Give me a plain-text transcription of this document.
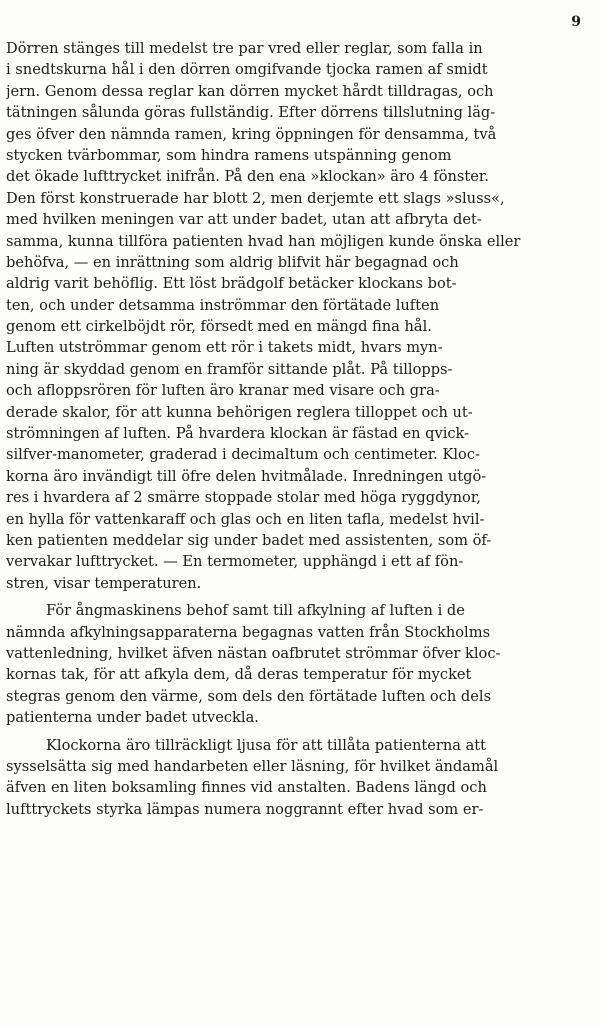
9
Dörren stänges till medelst tre par vred eller reglar, som falla in
i snedtskurna hål i den dörren omgifvande tjocka ramen af smidt
jern. Genom dessa reglar kan dörren mycket hårdt tilldragas, och
tätningen sålunda göras fullständig. Efter dörrens tillslutning läg-
ges öfver den nämnda ramen, kring öppningen för densamma, två
stycken tvärbommar, som hindra ramens utspänning genom
det ökade lufttrycket inifrån. På den ena »klockan» äro 4 fönster.
Den först konstruerade har blott 2, men derjemte ett slags »sluss«,
med hvilken meningen var att under badet, utan att afbryta det-
samma, kunna tillföra patienten hvad han möjligen kunde önska eller
behöfva, — en inrättning som aldrig blifvit här begagnad och
aldrig varit behöflig. Ett löst brädgolf betäcker klockans bot-
ten, och under detsamma inströmmar den förtätade luften
genom ett cirkelböjdt rör, försedt med en mängd fina hål.
Luften utströmmar genom ett rör i takets midt, hvars myn-
ning är skyddad genom en framför sittande plåt. På tillopps-
och afloppsrören för luften äro kranar med visare och gra-
derade skalor, för att kunna behörigen reglera tilloppet och ut-
strömningen af luften. På hvardera klockan är fästad en qvick-
silfver-manometer, graderad i decimaltum och centimeter. Kloc-
korna äro invändigt till öfre delen hvitmålade. Inredningen utgö-
res i hvardera af 2 smärre stoppade stolar med höga ryggdynor,
en hylla för vattenkaraff och glas och en liten tafla, medelst hvil-
ken patienten meddelar sig under badet med assistenten, som öf-
vervakar lufttrycket. — En termometer, upphängd i ett af fön-
stren, visar temperaturen.
För ångmaskinens behof samt till afkylning af luften i de
nämnda afkylningsapparaterna begagnas vatten från Stockholms
vattenledning, hvilket äfven nästan oafbrutet strömmar öfver kloc-
kornas tak, för att afkyla dem, då deras temperatur för mycket
stegras genom den värme, som dels den förtätade luften och dels
patienterna under badet utveckla.
Klockorna äro tillräckligt ljusa för att tillåta patienterna att
sysselsätta sig med handarbeten eller läsning, för hvilket ändamål
äfven en liten boksamling finnes vid anstalten. Badens längd och
lufttryckets styrka lämpas numera noggrannt efter hvad som er-
